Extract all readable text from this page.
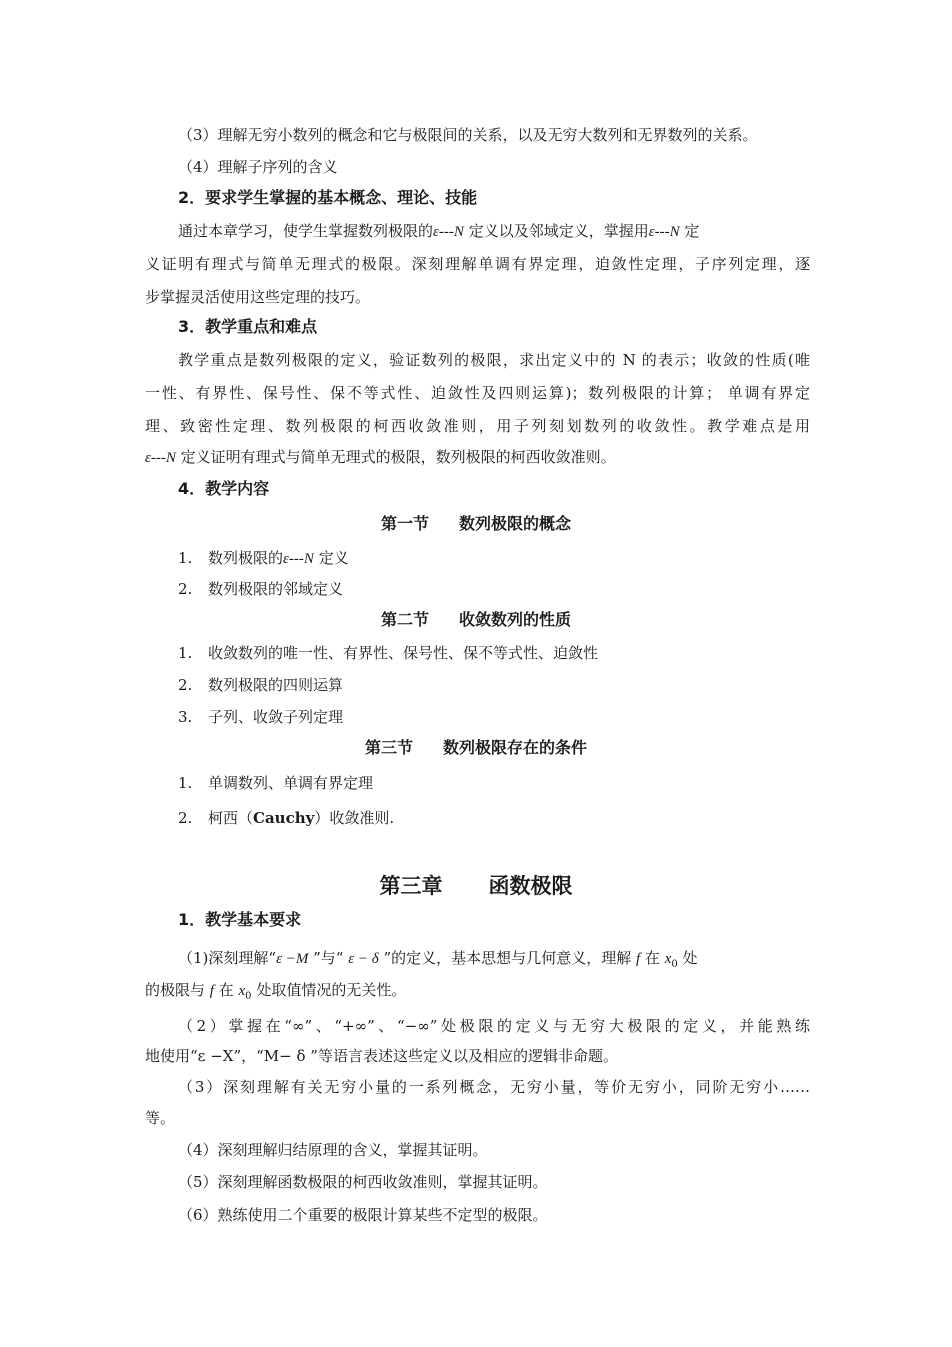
（3）理解无穷小数列的概念和它与极限间的关系，以及无穷大数列和无界数列的关系。
（4）理解子序列的含义
2．要求学生掌握的基本概念、理论、技能
通过本章学习，使学生掌握数列极限的ε---N 定义以及邻域定义，掌握用ε---N 定
义证明有理式与简单无理式的极限。深刻理解单调有界定理，迫敛性定理，子序列定理，逐
步掌握灵活使用这些定理的技巧。
3．教学重点和难点
教学重点是数列极限的定义，验证数列的极限，求出定义中的 N 的表示；收敛的性质(唯
一性、有界性、保号性、保不等式性、迫敛性及四则运算)；数列极限的计算； 单调有界定
理、致密性定理、数列极限的柯西收敛准则，用子列刻划数列的收敛性。教学难点是用
ε---N 定义证明有理式与简单无理式的极限，数列极限的柯西收敛准则。
4．教学内容
第一节 数列极限的概念
1. 数列极限的ε---N 定义
2. 数列极限的邻域定义
第二节 收敛数列的性质
1. 收敛数列的唯一性、有界性、保号性、保不等式性、迫敛性
2. 数列极限的四则运算
3. 子列、收敛子列定理
第三节 数列极限存在的条件
1. 单调数列、单调有界定理
2. 柯西（Cauchy）收敛准则.
第三章 函数极限
1．教学基本要求
（1)深刻理解“ε −M ”与“ ε − δ ”的定义，基本思想与几何意义，理解 f 在 $x_0$ 处
的极限与 f 在 $x_0$ 处取值情况的无关性。
（2）掌握在“∞”、“+∞”、“−∞”处极限的定义与无穷大极限的定义，并能熟练
地使用“ε −X”，“M− δ ”等语言表述这些定义以及相应的逻辑非命题。
（3）深刻理解有关无穷小量的一系列概念，无穷小量，等价无穷小，同阶无穷小……
等。
（4）深刻理解归结原理的含义，掌握其证明。
（5）深刻理解函数极限的柯西收敛准则，掌握其证明。
（6）熟练使用二个重要的极限计算某些不定型的极限。
